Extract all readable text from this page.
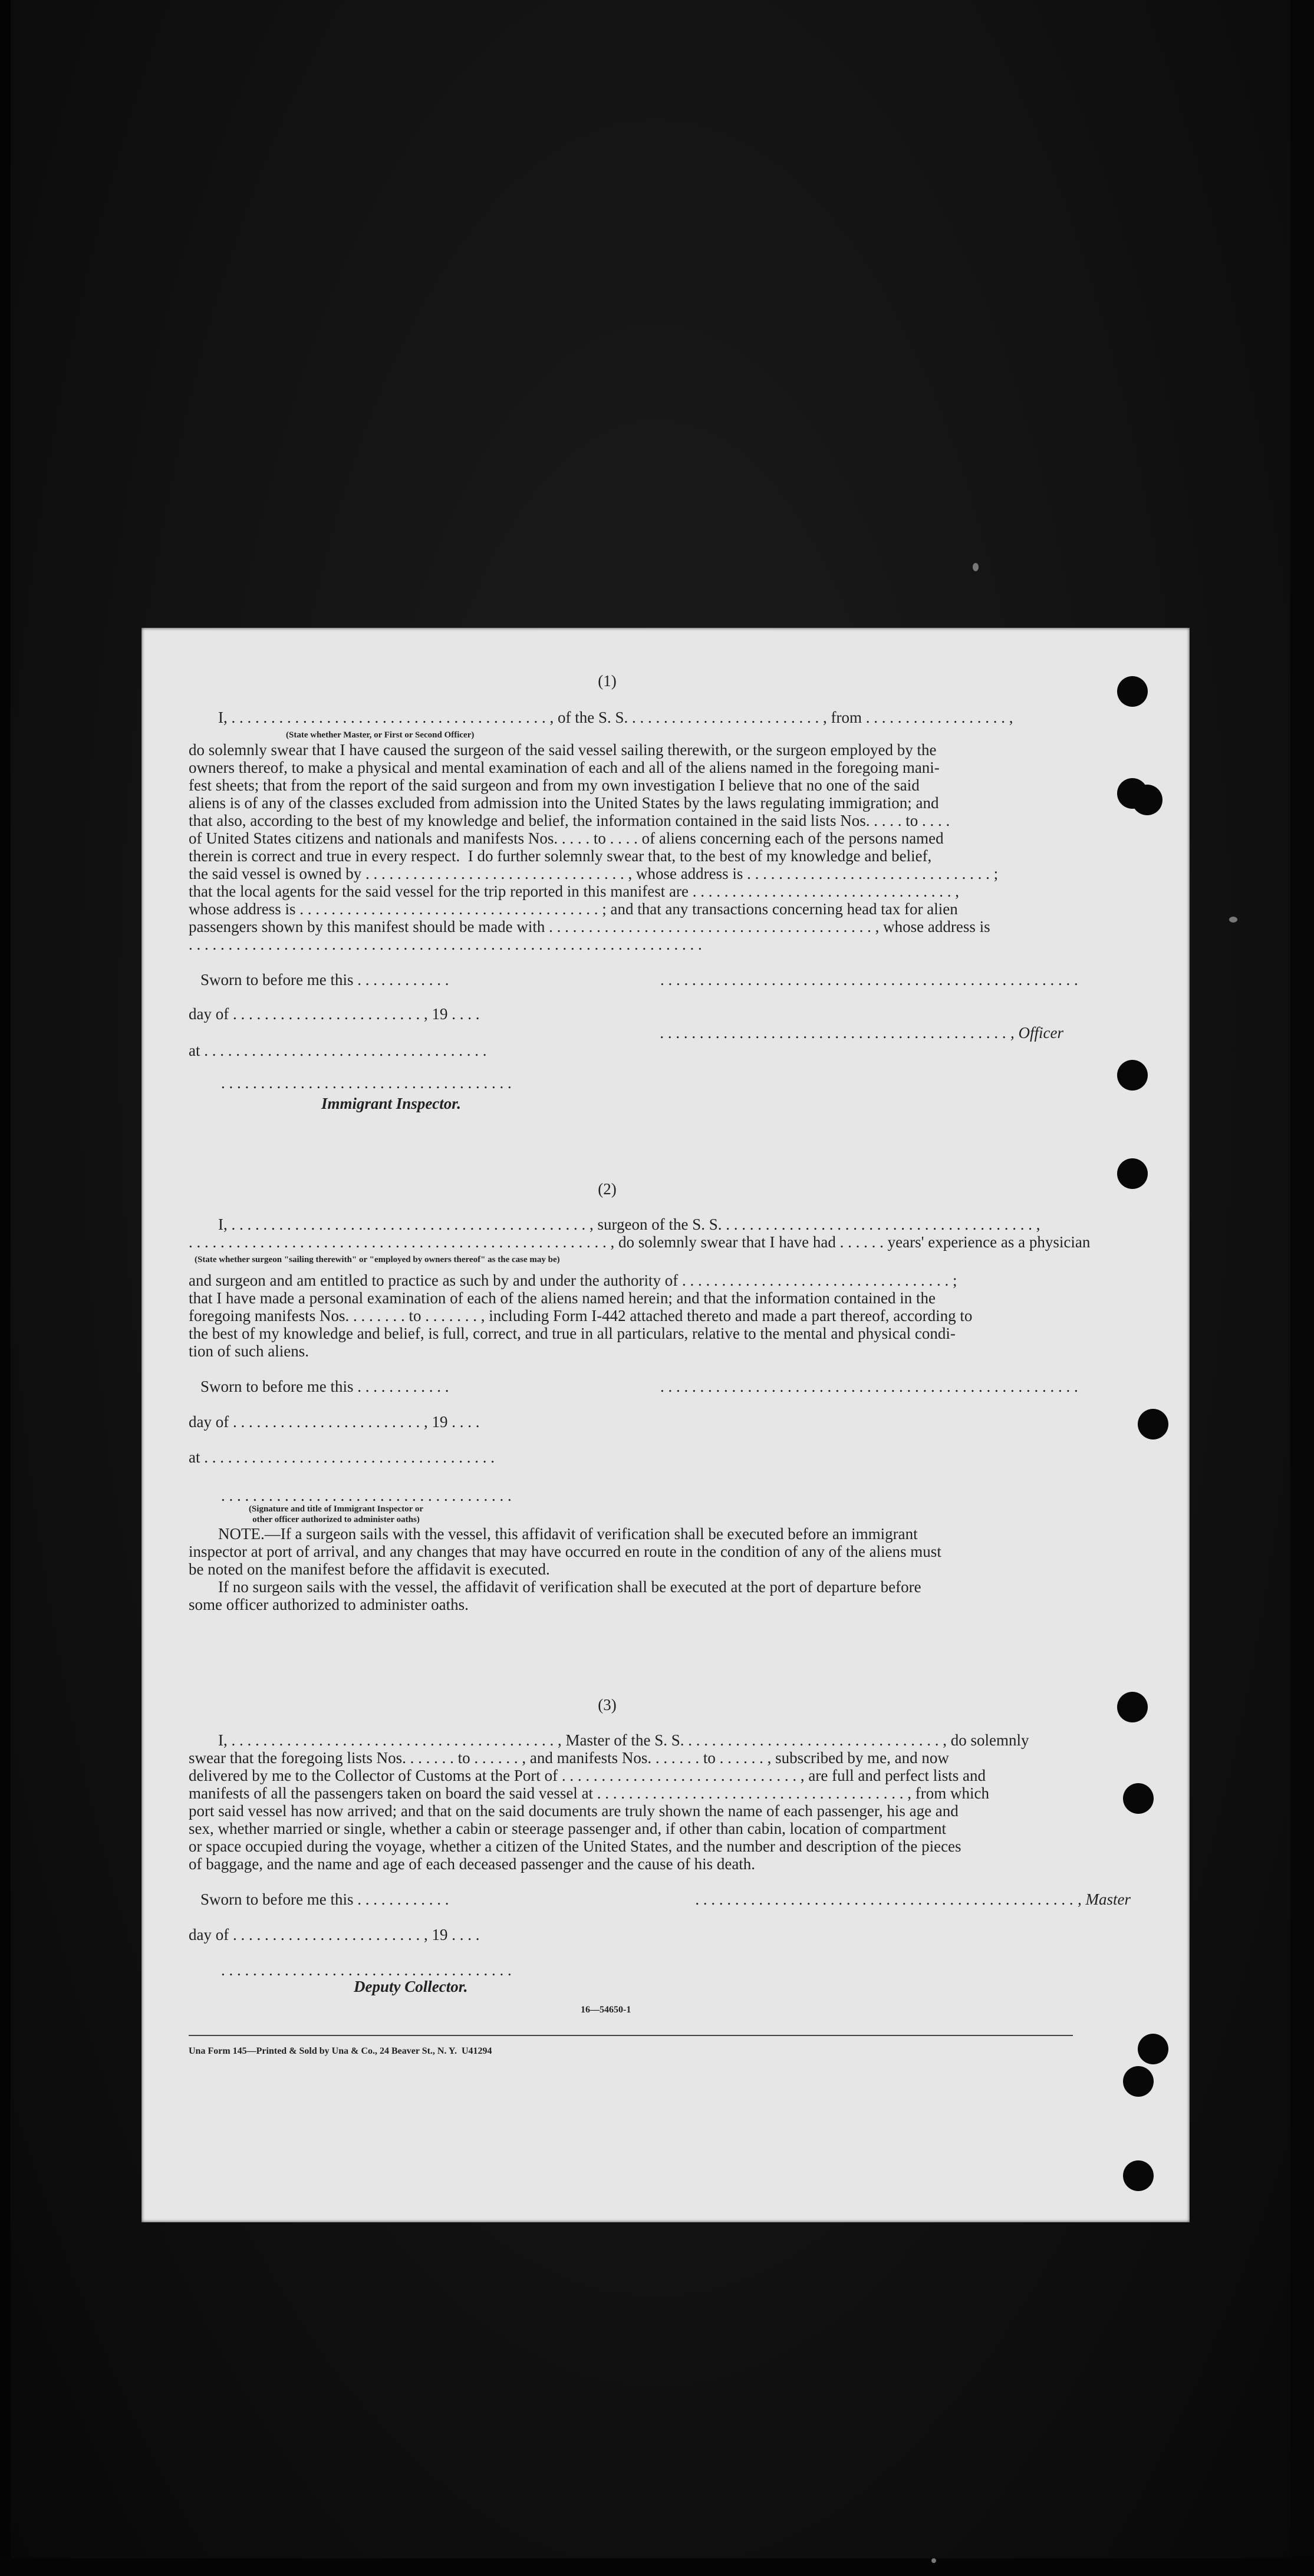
(1)
I, . . . . . . . . . . . . . . . . . . . . . . . . . . . . . . . . . . . . . . . . , of the S. S. . . . . . . . . . . . . . . . . . . . . . . . . , from . . . . . . . . . . . . . . . . . . ,
(State whether Master, or First or Second Officer)
do solemnly swear that I have caused the surgeon of the said vessel sailing therewith, or the surgeon employed by the
owners thereof, to make a physical and mental examination of each and all of the aliens named in the foregoing mani-
fest sheets; that from the report of the said surgeon and from my own investigation I believe that no one of the said
aliens is of any of the classes excluded from admission into the United States by the laws regulating immigration; and
that also, according to the best of my knowledge and belief, the information contained in the said lists Nos. . . . . to . . . .
of United States citizens and nationals and manifests Nos. . . . . to . . . . of aliens concerning each of the persons named
therein is correct and true in every respect.  I do further solemnly swear that, to the best of my knowledge and belief,
the said vessel is owned by . . . . . . . . . . . . . . . . . . . . . . . . . . . . . . . . . , whose address is . . . . . . . . . . . . . . . . . . . . . . . . . . . . . . . ;
that the local agents for the said vessel for the trip reported in this manifest are . . . . . . . . . . . . . . . . . . . . . . . . . . . . . . . . . ,
whose address is . . . . . . . . . . . . . . . . . . . . . . . . . . . . . . . . . . . . . . ; and that any transactions concerning head tax for alien
passengers shown by this manifest should be made with . . . . . . . . . . . . . . . . . . . . . . . . . . . . . . . . . . . . . . . . . , whose address is
. . . . . . . . . . . . . . . . . . . . . . . . . . . . . . . . . . . . . . . . . . . . . . . . . . . . . . . . . . . . . . . . .
Sworn to before me this . . . . . . . . . . . .	. . . . . . . . . . . . . . . . . . . . . . . . . . . . . . . . . . . . . . . . . . . . . . . . . . . . .
day of . . . . . . . . . . . . . . . . . . . . . . . . , 19 . . . .
. . . . . . . . . . . . . . . . . . . . . . . . . . . . . . . . . . . . . . . . . . . . , Officer
at . . . . . . . . . . . . . . . . . . . . . . . . . . . . . . . . . . . .
. . . . . . . . . . . . . . . . . . . . . . . . . . . . . . . . . . . . .
Immigrant Inspector.
(2)
I, . . . . . . . . . . . . . . . . . . . . . . . . . . . . . . . . . . . . . . . . . . . . . , surgeon of the S. S. . . . . . . . . . . . . . . . . . . . . . . . . . . . . . . . . . . . . . . . ,
. . . . . . . . . . . . . . . . . . . . . . . . . . . . . . . . . . . . . . . . . . . . . . . . . . . . . , do solemnly swear that I have had . . . . . . years' experience as a physician
(State whether surgeon "sailing therewith" or "employed by owners thereof" as the case may be)
and surgeon and am entitled to practice as such by and under the authority of . . . . . . . . . . . . . . . . . . . . . . . . . . . . . . . . . . ;
that I have made a personal examination of each of the aliens named herein; and that the information contained in the
foregoing manifests Nos. . . . . . . . to . . . . . . . , including Form I-442 attached thereto and made a part thereof, according to
the best of my knowledge and belief, is full, correct, and true in all particulars, relative to the mental and physical condi-
tion of such aliens.
Sworn to before me this . . . . . . . . . . . .	. . . . . . . . . . . . . . . . . . . . . . . . . . . . . . . . . . . . . . . . . . . . . . . . . . . . .
day of . . . . . . . . . . . . . . . . . . . . . . . . , 19 . . . .
at . . . . . . . . . . . . . . . . . . . . . . . . . . . . . . . . . . . . .
. . . . . . . . . . . . . . . . . . . . . . . . . . . . . . . . . . . . .
(Signature and title of Immigrant Inspector or
other officer authorized to administer oaths)
NOTE.—If a surgeon sails with the vessel, this affidavit of verification shall be executed before an immigrant
inspector at port of arrival, and any changes that may have occurred en route in the condition of any of the aliens must
be noted on the manifest before the affidavit is executed.
If no surgeon sails with the vessel, the affidavit of verification shall be executed at the port of departure before
some officer authorized to administer oaths.
(3)
I, . . . . . . . . . . . . . . . . . . . . . . . . . . . . . . . . . . . . . . . . . , Master of the S. S. . . . . . . . . . . . . . . . . . . . . . . . . . . . . . . . . , do solemnly
swear that the foregoing lists Nos. . . . . . . to . . . . . . , and manifests Nos. . . . . . . to . . . . . . , subscribed by me, and now
delivered by me to the Collector of Customs at the Port of . . . . . . . . . . . . . . . . . . . . . . . . . . . . . . , are full and perfect lists and
manifests of all the passengers taken on board the said vessel at . . . . . . . . . . . . . . . . . . . . . . . . . . . . . . . . . . . . . . . , from which
port said vessel has now arrived; and that on the said documents are truly shown the name of each passenger, his age and
sex, whether married or single, whether a cabin or steerage passenger and, if other than cabin, location of compartment
or space occupied during the voyage, whether a citizen of the United States, and the number and description of the pieces
of baggage, and the name and age of each deceased passenger and the cause of his death.
Sworn to before me this . . . . . . . . . . . .	. . . . . . . . . . . . . . . . . . . . . . . . . . . . . . . . . . . . . . . . . . . . . . . . , Master
day of . . . . . . . . . . . . . . . . . . . . . . . . , 19 . . . .
. . . . . . . . . . . . . . . . . . . . . . . . . . . . . . . . . . . . .
Deputy Collector.
16—54650-1
Una Form 145—Printed & Sold by Una & Co., 24 Beaver St., N. Y.  U41294
